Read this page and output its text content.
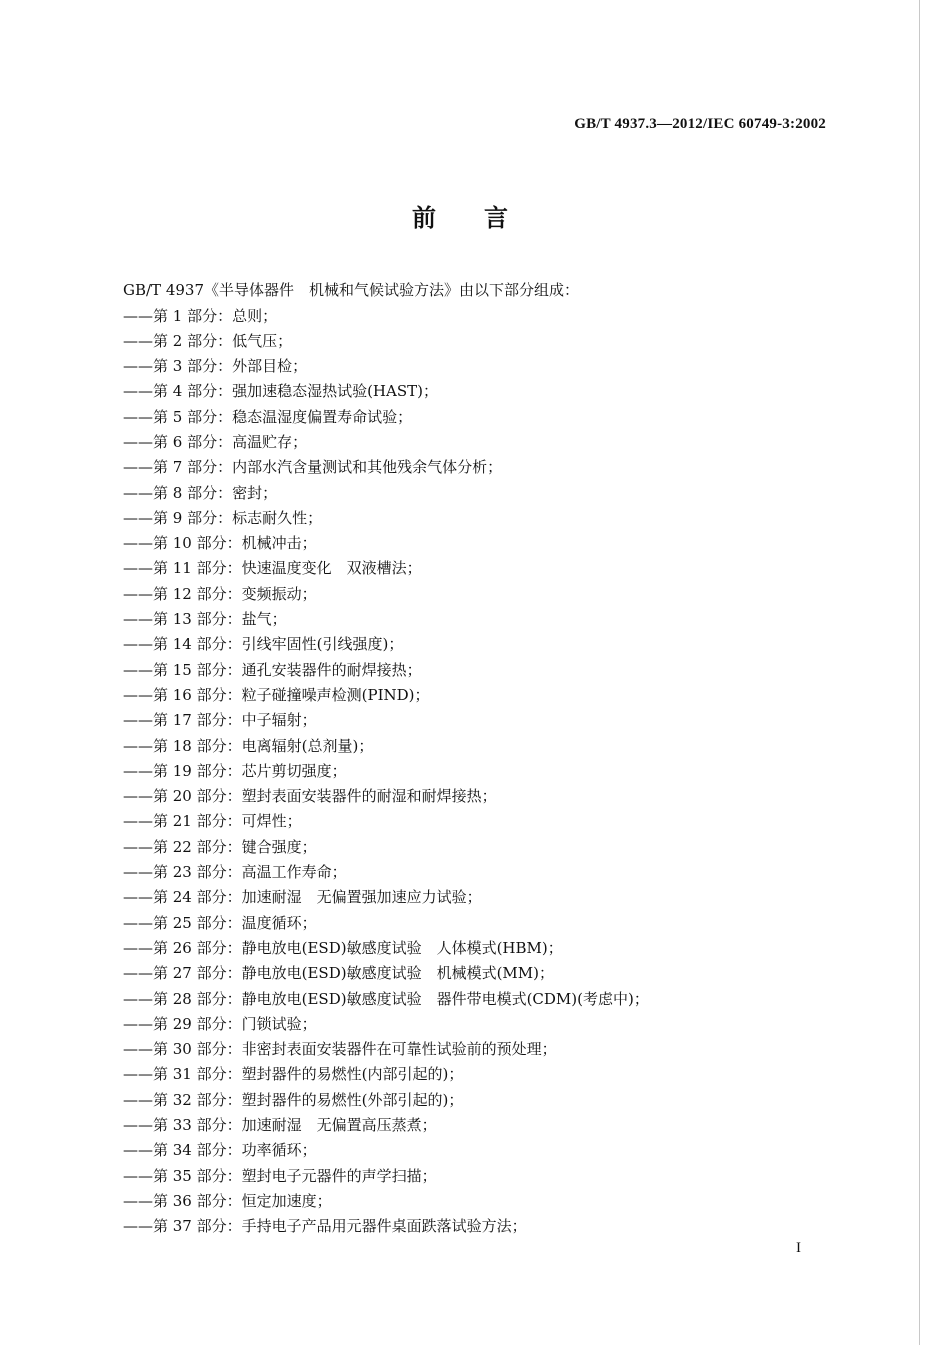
GB/T 4937.3—2012/IEC 60749-3:2002
前言
GB/T 4937《半导体器件　机械和气候试验方法》由以下部分组成：
——第 1 部分：总则；
——第 2 部分：低气压；
——第 3 部分：外部目检；
——第 4 部分：强加速稳态湿热试验(HAST)；
——第 5 部分：稳态温湿度偏置寿命试验；
——第 6 部分：高温贮存；
——第 7 部分：内部水汽含量测试和其他残余气体分析；
——第 8 部分：密封；
——第 9 部分：标志耐久性；
——第 10 部分：机械冲击；
——第 11 部分：快速温度变化　双液槽法；
——第 12 部分：变频振动；
——第 13 部分：盐气；
——第 14 部分：引线牢固性(引线强度)；
——第 15 部分：通孔安装器件的耐焊接热；
——第 16 部分：粒子碰撞噪声检测(PIND)；
——第 17 部分：中子辐射；
——第 18 部分：电离辐射(总剂量)；
——第 19 部分：芯片剪切强度；
——第 20 部分：塑封表面安装器件的耐湿和耐焊接热；
——第 21 部分：可焊性；
——第 22 部分：键合强度；
——第 23 部分：高温工作寿命；
——第 24 部分：加速耐湿　无偏置强加速应力试验；
——第 25 部分：温度循环；
——第 26 部分：静电放电(ESD)敏感度试验　人体模式(HBM)；
——第 27 部分：静电放电(ESD)敏感度试验　机械模式(MM)；
——第 28 部分：静电放电(ESD)敏感度试验　器件带电模式(CDM)(考虑中)；
——第 29 部分：门锁试验；
——第 30 部分：非密封表面安装器件在可靠性试验前的预处理；
——第 31 部分：塑封器件的易燃性(内部引起的)；
——第 32 部分：塑封器件的易燃性(外部引起的)；
——第 33 部分：加速耐湿　无偏置高压蒸煮；
——第 34 部分：功率循环；
——第 35 部分：塑封电子元器件的声学扫描；
——第 36 部分：恒定加速度；
——第 37 部分：手持电子产品用元器件桌面跌落试验方法；
I
